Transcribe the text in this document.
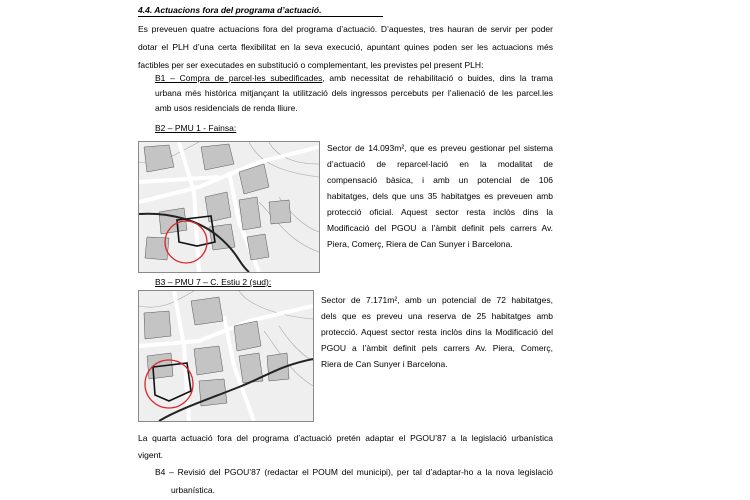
4.4. Actuacions fora del programa d’actuació.
Es preveuen quatre actuacions fora del programa d’actuació. D’aquestes, tres hauran de servir per poder
dotar el PLH d’una certa flexibilitat en la seva execució, apuntant quines poden ser les actuacions més
factibles per ser executades en substitució o complementant, les previstes pel present PLH:
B1 – Compra de parcel·les subedificades, amb necessitat de rehabilitació o buides, dins la trama
urbana més històrica mitjançant la utilització dels ingressos percebuts per l’alienació de les parcel.les
amb usos residencials de renda lliure.
B2 – PMU 1 - Fainsa:
Sector de 14.093m², que es preveu gestionar pel sistema
d’actuació de reparcel·lació en la modalitat de
compensació bàsica, i amb un potencial de 106
habitatges, dels que uns 35 habitatges es preveuen amb
protecció oficial. Aquest sector resta inclòs dins la
Modificació del PGOU a l’àmbit definit pels carrers Av.
Piera, Comerç, Riera de Can Sunyer i Barcelona.
B3 – PMU 7 – C. Estiu 2 (sud):
Sector de 7.171m², amb un potencial de 72 habitatges,
dels que es preveu una reserva de 25 habitatges amb
protecció. Aquest sector resta inclòs dins la Modificació del
PGOU a l’àmbit definit pels carrers Av. Piera, Comerç,
Riera de Can Sunyer i Barcelona.
La quarta actuació fora del programa d’actuació pretén adaptar el PGOU’87 a la legislació urbanística
vigent.
B4 – Revisió del PGOU’87 (redactar el POUM del municipi), per tal d’adaptar-ho a la nova legislació
urbanística.
